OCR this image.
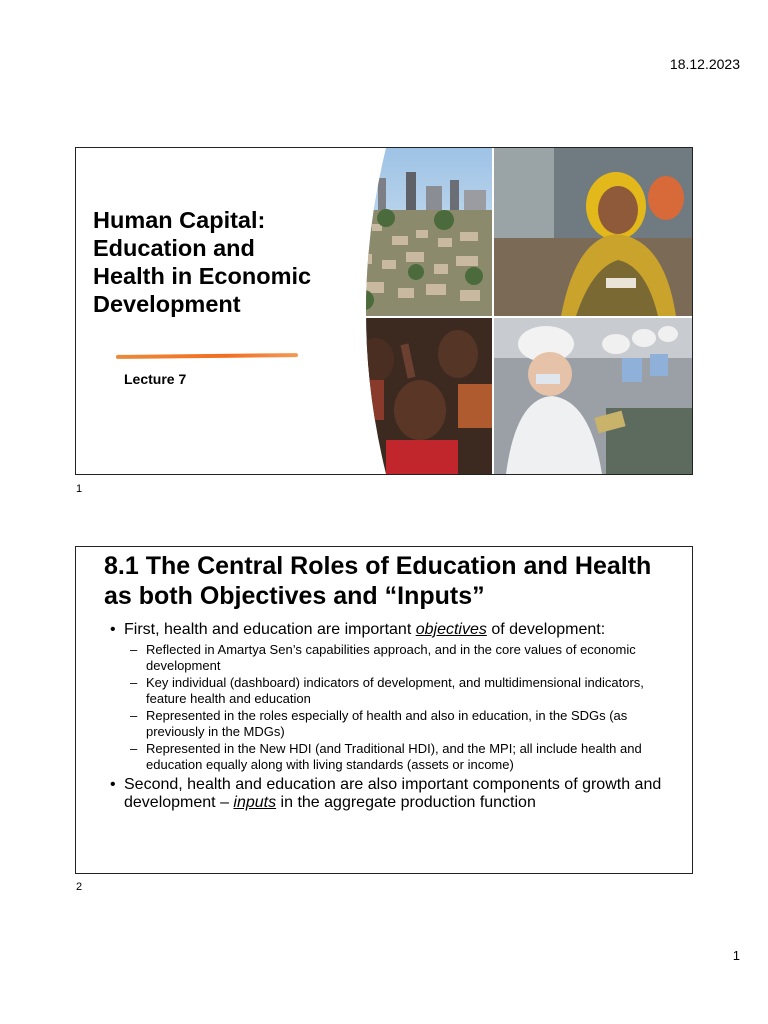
18.12.2023
Human Capital: Education and Health in Economic Development
Lecture 7
1
8.1 The Central Roles of Education and Health as both Objectives and “Inputs”
• First, health and education are important objectives of development:
– Reflected in Amartya Sen’s capabilities approach, and in the core values of economic development
– Key individual (dashboard) indicators of development, and multidimensional indicators, feature health and education
– Represented in the roles especially of health and also in education, in the SDGs (as previously in the MDGs)
– Represented in the New HDI (and Traditional HDI), and the MPI; all include health and education equally along with living standards (assets or income)
• Second, health and education are also important components of growth and development – inputs in the aggregate production function
2
1
